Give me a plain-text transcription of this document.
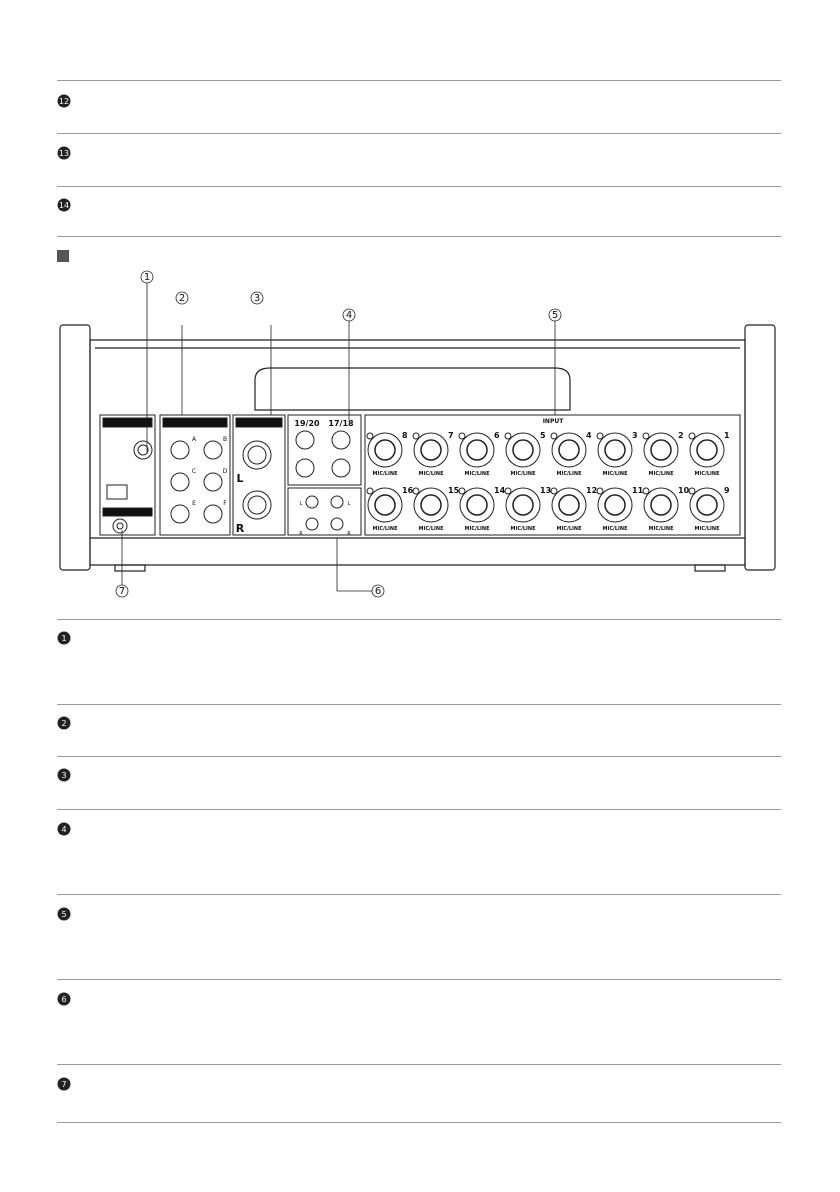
12
13
14
1
2	3
4	5
6
7
A	B
C	D
E	F
L
R
19/20 17/18
L	L
R	R
INPUT
8
MIC/LINE
7
MIC/LINE
6
MIC/LINE
5
MIC/LINE
4
MIC/LINE
3
MIC/LINE
2
MIC/LINE
1
MIC/LINE
16
MIC/LINE
15
MIC/LINE
14
MIC/LINE
13
MIC/LINE
12
MIC/LINE
11
MIC/LINE
10
MIC/LINE
9
MIC/LINE
1
2
3
4
5
6
7
